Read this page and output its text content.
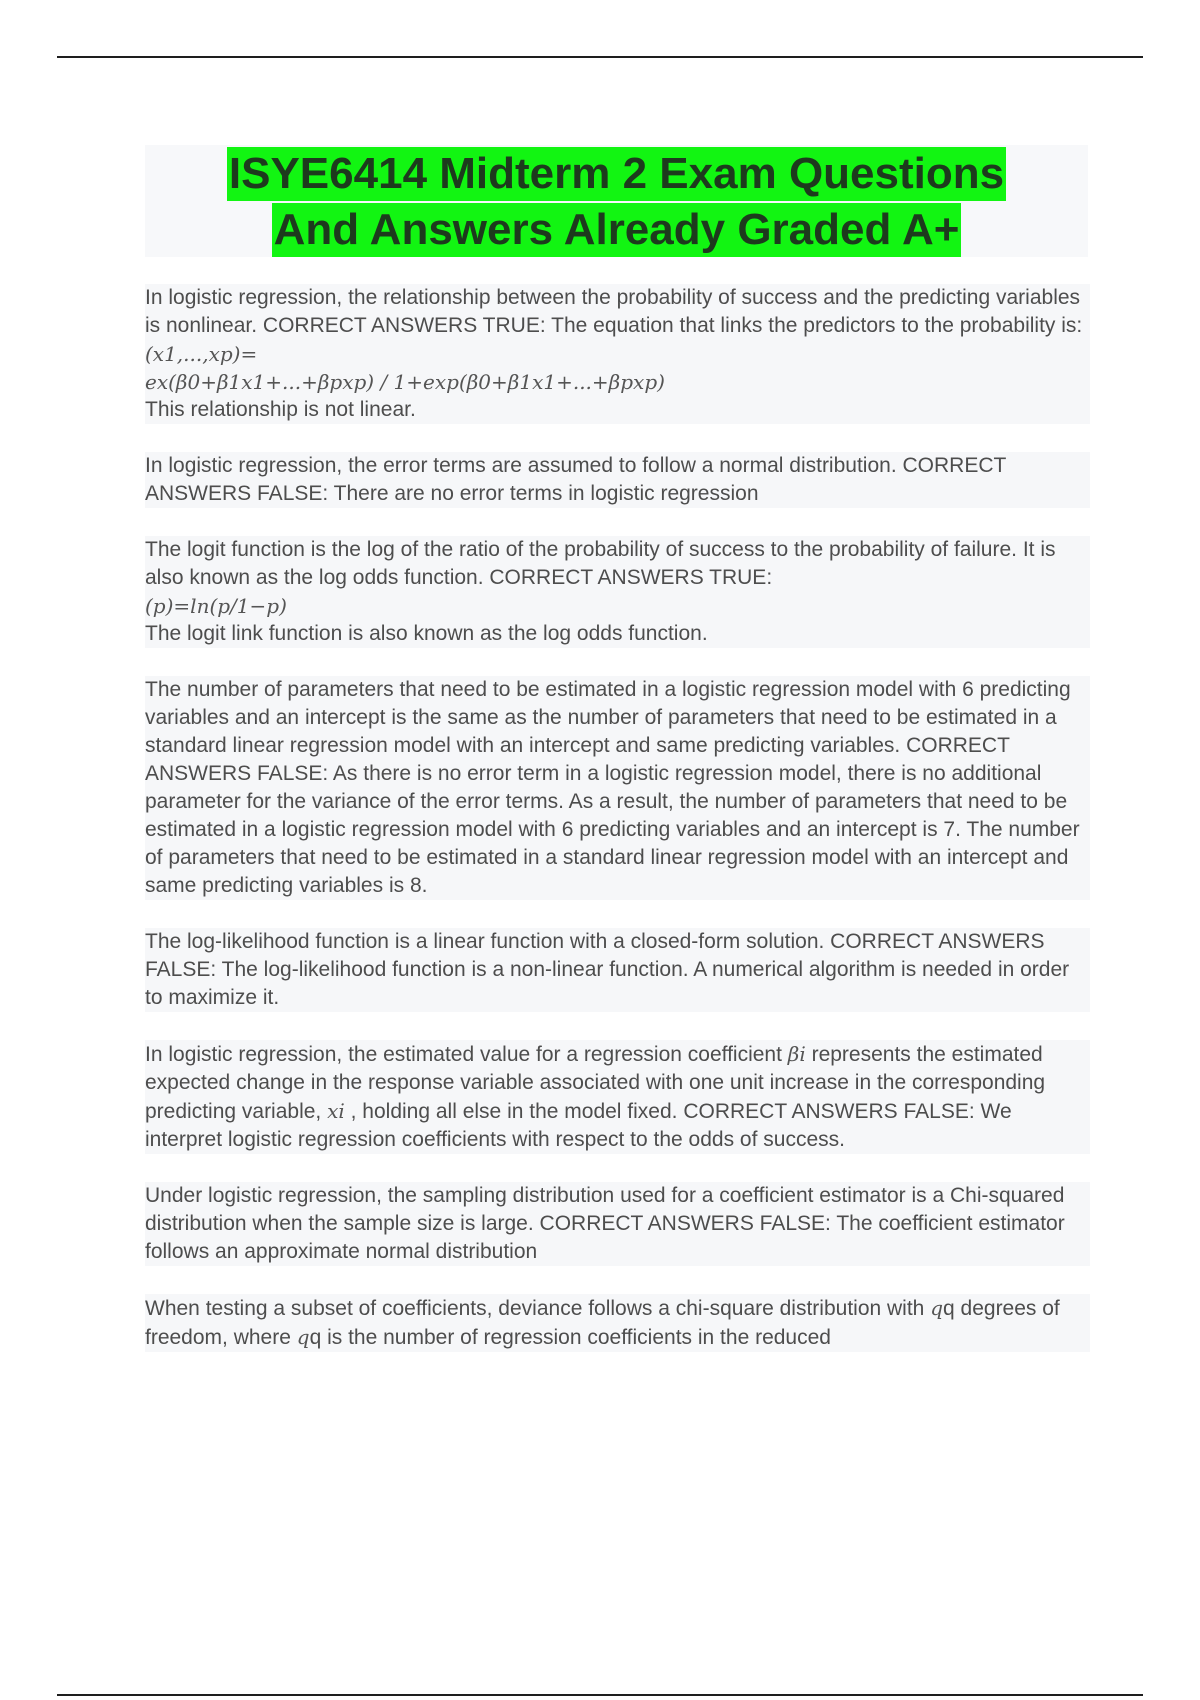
ISYE6414 Midterm 2 Exam Questions
And Answers Already Graded A+

In logistic regression, the relationship between the probability of success and the predicting variables is nonlinear. CORRECT ANSWERS TRUE: The equation that links the predictors to the probability is:

(𝑥1,...,𝑥𝑝)=

𝑒𝑥(𝛽0+𝛽1𝑥1+...+𝛽𝑝𝑥𝑝) / 1+𝑒𝑥𝑝(𝛽0+𝛽1𝑥1+...+𝛽𝑝𝑥𝑝)

This relationship is not linear.

In logistic regression, the error terms are assumed to follow a normal distribution. CORRECT ANSWERS FALSE: There are no error terms in logistic regression

The logit function is the log of the ratio of the probability of success to the probability of failure. It is also known as the log odds function. CORRECT ANSWERS TRUE:

(𝑝)=ln(p/1−𝑝)

The logit link function is also known as the log odds function.

The number of parameters that need to be estimated in a logistic regression model with 6 predicting variables and an intercept is the same as the number of parameters that need to be estimated in a standard linear regression model with an intercept and same predicting variables. CORRECT ANSWERS FALSE: As there is no error term in a logistic regression model, there is no additional parameter for the variance of the error terms. As a result, the number of parameters that need to be estimated in a logistic regression model with 6 predicting variables and an intercept is 7. The number of parameters that need to be estimated in a standard linear regression model with an intercept and same predicting variables is 8.

The log-likelihood function is a linear function with a closed-form solution. CORRECT ANSWERS FALSE: The log-likelihood function is a non-linear function. A numerical algorithm is needed in order to maximize it.

In logistic regression, the estimated value for a regression coefficient 𝛽𝑖 represents the estimated expected change in the response variable associated with one unit increase in the corresponding predicting variable, 𝑥𝑖 , holding all else in the model fixed. CORRECT ANSWERS FALSE: We interpret logistic regression coefficients with respect to the odds of success.

Under logistic regression, the sampling distribution used for a coefficient estimator is a Chi-squared distribution when the sample size is large. CORRECT ANSWERS FALSE: The coefficient estimator follows an approximate normal distribution

When testing a subset of coefficients, deviance follows a chi-square distribution with 𝑞q degrees of freedom, where 𝑞q is the number of regression coefficients in the reduced
